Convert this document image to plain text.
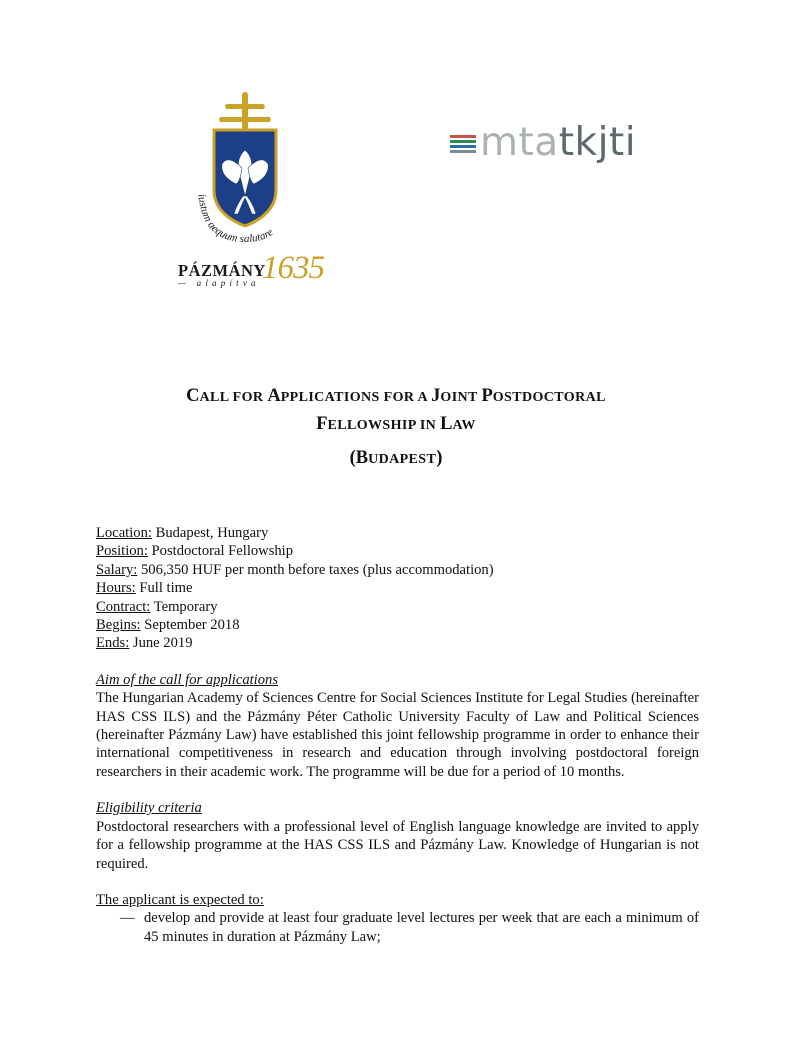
iustum aequum salutare
PÁZMÁNY
1635
— alapítva
mtatkjti
CALL FOR APPLICATIONS FOR A JOINT POSTDOCTORAL
FELLOWSHIP IN LAW
(BUDAPEST)
Location: Budapest, Hungary
Position: Postdoctoral Fellowship
Salary: 506,350 HUF per month before taxes (plus accommodation)
Hours: Full time
Contract: Temporary
Begins: September 2018
Ends: June 2019
Aim of the call for applications
The Hungarian Academy of Sciences Centre for Social Sciences Institute for Legal Studies (hereinafter HAS CSS ILS) and the Pázmány Péter Catholic University Faculty of Law and Political Sciences (hereinafter Pázmány Law) have established this joint fellowship programme in order to enhance their international competitiveness in research and education through involving postdoctoral foreign researchers in their academic work. The programme will be due for a period of 10 months.
Eligibility criteria
Postdoctoral researchers with a professional level of English language knowledge are invited to apply for a fellowship programme at the HAS CSS ILS and Pázmány Law. Knowledge of Hungarian is not required.
The applicant is expected to:
— develop and provide at least four graduate level lectures per week that are each a minimum of 45 minutes in duration at Pázmány Law;
